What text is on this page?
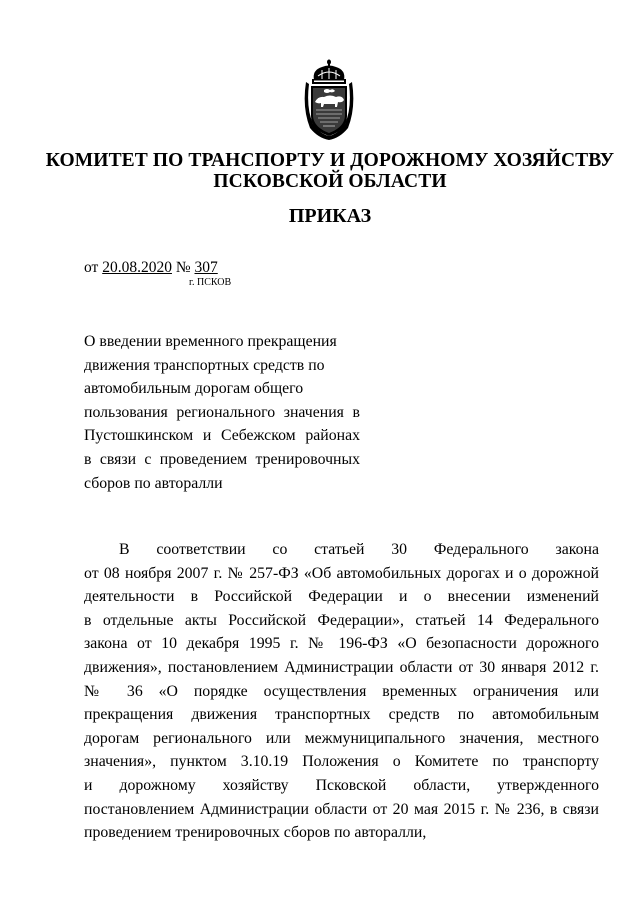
КОМИТЕТ ПО ТРАНСПОРТУ И ДОРОЖНОМУ ХОЗЯЙСТВУ
ПСКОВСКОЙ ОБЛАСТИ
ПРИКАЗ
от 20.08.2020 № 307
г. ПСКОВ
О введении временного прекращения
движения транспортных средств по
автомобильным дорогам общего
пользования регионального значения в
Пустошкинском и Себежском районах
в связи с проведением тренировочных
сборов по авторалли
В соответствии со статьей 30 Федерального закона
от 08 ноября 2007 г. № 257-ФЗ «Об автомобильных дорогах и о дорожной
деятельности в Российской Федерации и о внесении изменений
в отдельные акты Российской Федерации», статьей 14 Федерального
закона от 10 декабря 1995 г. № 196-ФЗ «О безопасности дорожного
движения», постановлением Администрации области от 30 января 2012 г.
№ 36 «О порядке осуществления временных ограничения или
прекращения движения транспортных средств по автомобильным
дорогам регионального или межмуниципального значения, местного
значения», пунктом 3.10.19 Положения о Комитете по транспорту
и дорожному хозяйству Псковской области, утвержденного
постановлением Администрации области от 20 мая 2015 г. № 236, в связи
проведением тренировочных сборов по авторалли,
